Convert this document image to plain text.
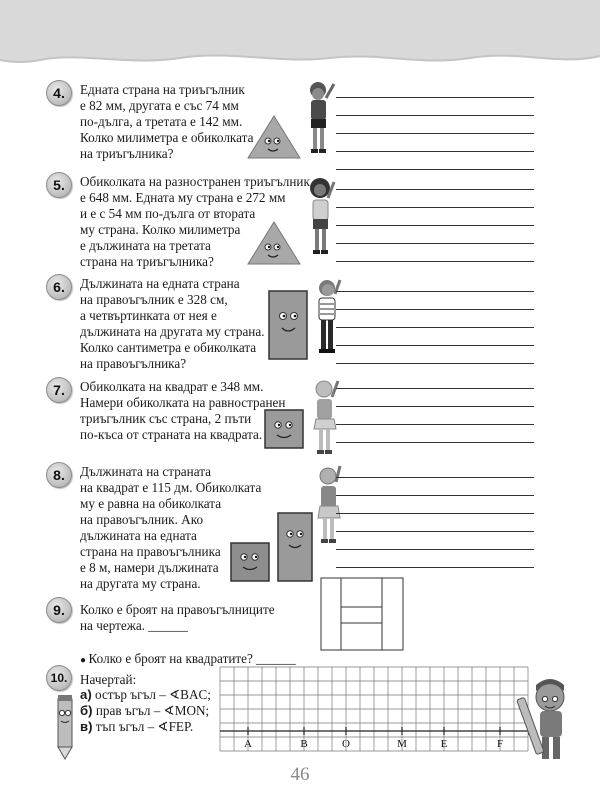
4.	Едната страна на триъгълник
е 82 мм, другата е със 74 мм
по-дълга, а третата е 142 мм.
Колко милиметра е обиколката
на триъгълника?
5.	Обиколката на разностранен триъгълник
е 648 мм. Едната му страна е 272 мм
и е с 54 мм по-дълга от втората
му страна. Колко милиметра
е дължината на третата
страна на триъгълника?
6.	Дължината на едната страна
на правоъгълник е 328 см,
а четвъртинката от нея е
дължината на другата му страна.
Колко сантиметра е обиколката
на правоъгълника?
7.	Обиколката на квадрат е 348 мм.
Намери обиколката на равностранен
триъгълник със страна, 2 пъти
по-къса от страната на квадрата.
8.	Дължината на страната
на квадрат е 115 дм. Обиколката
му е равна на обиколката
на правоъгълник. Ако
дължината на едната
страна на правоъгълника
е 8 м, намери дължината
на другата му страна.
9.	Колко е броят на правоъгълниците
на чертежа. ______

● Колко е броят на квадратите? ______

10. Начертай:
а) остър ъгъл – ∢BAC;
б) прав ъгъл – ∢MON;
в) тъп ъгъл – ∢FEP.
A	B	O	M	E	F
46
